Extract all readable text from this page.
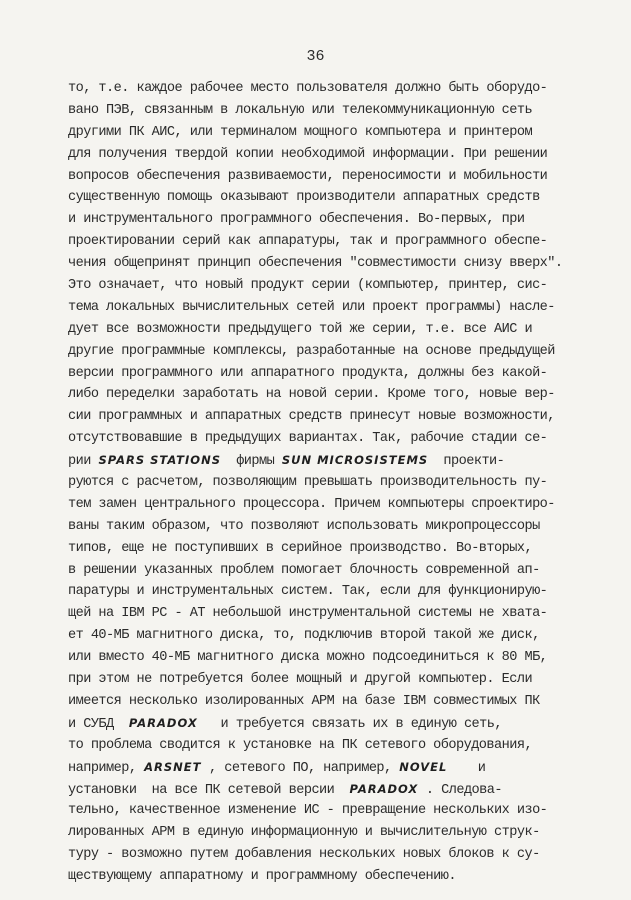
36
то, т.е. каждое рабочее место пользователя должно быть оборудо-
вано ПЭВ, связанным в локальную или телекоммуникационную сеть
другими ПК АИС, или терминалом мощного компьютера и принтером
для получения твердой копии необходимой информации. При решении
вопросов обеспечения развиваемости, переносимости и мобильности
существенную помощь оказывают производители аппаратных средств
и инструментального программного обеспечения. Во-первых, при
проектировании серий как аппаратуры, так и программного обеспе-
чения общепринят принцип обеспечения "совместимости снизу вверх".
Это означает, что новый продукт серии (компьютер, принтер, сис-
тема локальных вычислительных сетей или проект программы) наслe-
дует все возможности предыдущего той же серии, т.е. все АИС и
другие программные комплексы, разработанные на основе предыдущей
версии программного или аппаратного продукта, должны без какой-
либо переделки заработать на новой серии. Кроме того, новые вер-
сии программных и аппаратных средств принесут новые возможности,
отсутствовавшие в предыдущих вариантах. Так, рабочие стадии се-
рии SPARS STATIONS  фирмы SUN MICROSISTEMS  проекти-
руются с расчетом, позволяющим превышать производительность пу-
тем замен центрального процессора. Причем компьютеры спроектиро-
ваны таким образом, что позволяют использовать микропроцессоры
типов, еще не поступивших в серийное производство. Во-вторых,
в решении указанных проблем помогает блочность современной ап-
паратуры и инструментальных систем. Так, если для функционирую-
щей на IBM PC - AT небольшой инструментальной системы не хвата-
ет 40-МБ магнитного диска, то, подключив второй такой же диск,
или вместо 40-МБ магнитного диска можно подсоединиться к 80 МБ,
при этом не потребуется более мощный и другой компьютер. Если
имеется несколько изолированных АРМ на базе IBM совместимых ПК
и СУБД  PARADOX   и требуется связать их в единую сеть,
то проблема сводится к установке на ПК сетевого оборудования,
например, ARSNET , сетевого ПО, например, NOVEL    и
установки  на все ПК сетевой версии  PARADOX . Следова-
тельно, качественное изменение ИС - превращение нескольких изо-
лированных АРМ в единую информационную и вычислительную струк-
туру - возможно путем добавления нескольких новых блоков к су-
ществующему аппаратному и программному обеспечению.
